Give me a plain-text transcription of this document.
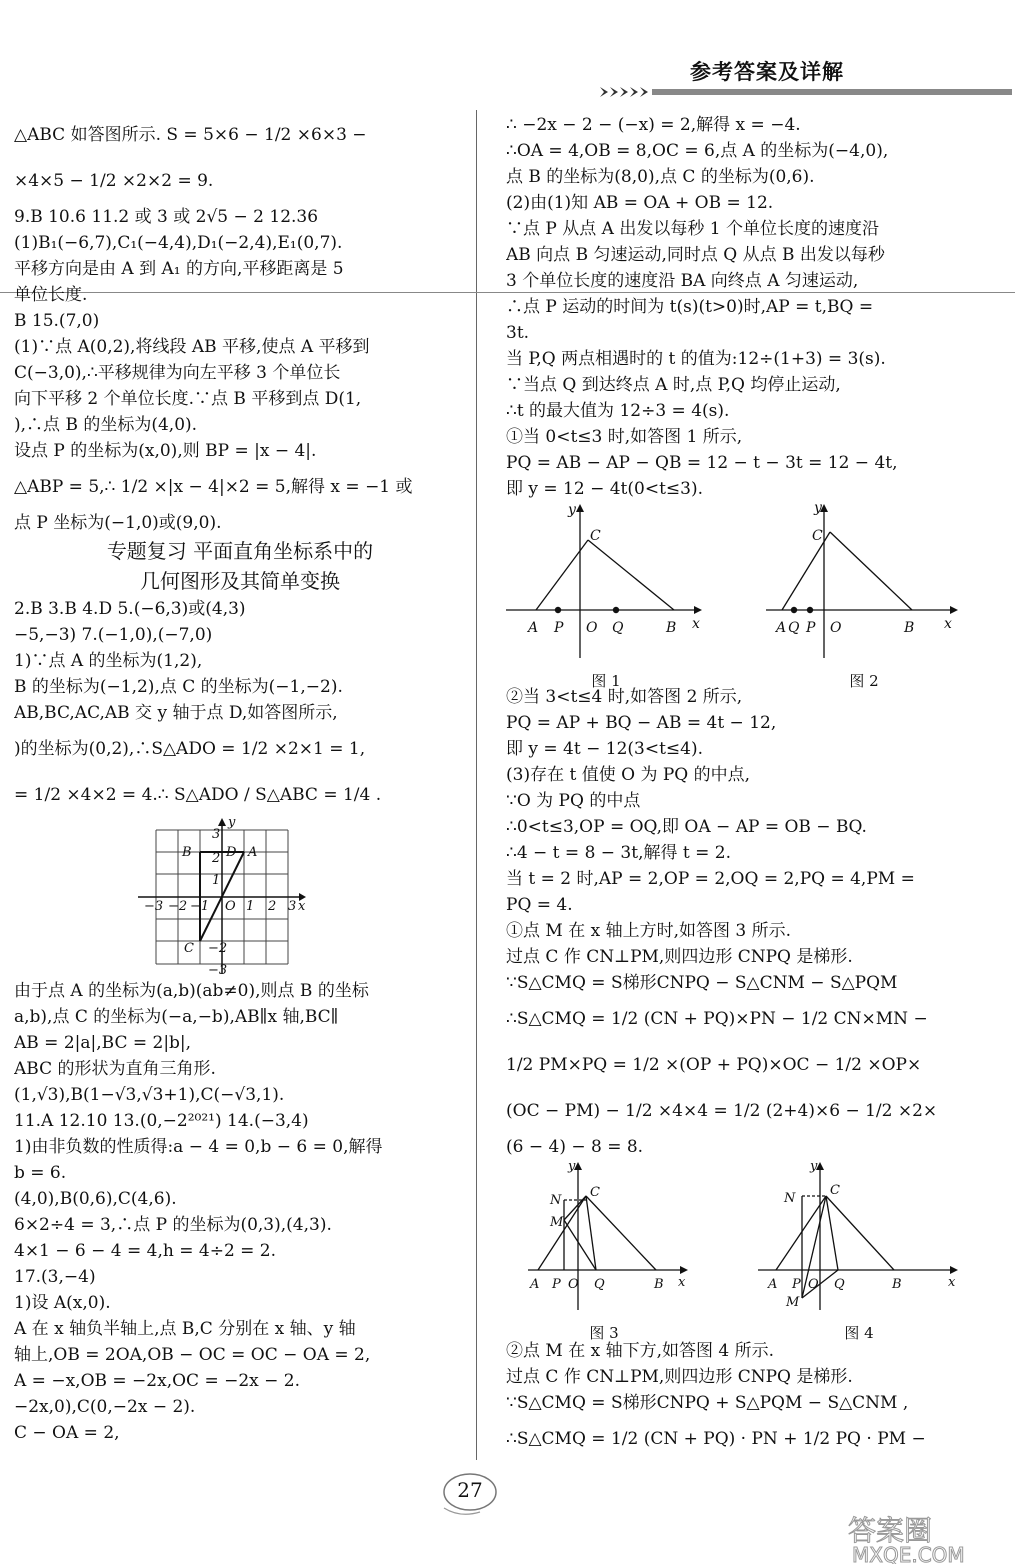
参考答案及详解
△ABC 如答图所示. S = 5×6 − 1/2 ×6×3 −
×4×5 − 1/2 ×2×2 = 9.
9.B 10.6 11.2 或 3 或 2√5 − 2 12.36
(1)B₁(−6,7),C₁(−4,4),D₁(−2,4),E₁(0,7).
平移方向是由 A 到 A₁ 的方向,平移距离是 5
单位长度.
B 15.(7,0)
(1)∵点 A(0,2),将线段 AB 平移,使点 A 平移到
C(−3,0),∴平移规律为向左平移 3 个单位长
向下平移 2 个单位长度.∵点 B 平移到点 D(1,
),∴点 B 的坐标为(4,0).
设点 P 的坐标为(x,0),则 BP = |x − 4|.
△ABP = 5,∴ 1/2 ×|x − 4|×2 = 5,解得 x = −1 或
点 P 坐标为(−1,0)或(9,0).
专题复习 平面直角坐标系中的
几何图形及其简单变换
2.B 3.B 4.D 5.(−6,3)或(4,3)
−5,−3) 7.(−1,0),(−7,0)
1)∵点 A 的坐标为(1,2),
B 的坐标为(−1,2),点 C 的坐标为(−1,−2).
AB,BC,AC,AB 交 y 轴于点 D,如答图所示,
)的坐标为(0,2),∴S△ADO = 1/2 ×2×1 = 1,
= 1/2 ×4×2 = 4.∴ S△ADO / S△ABC = 1/4 .
y
B	D A
3
2
1
O
C
x
−3 −2 −1	1 2 3
−2
−3
由于点 A 的坐标为(a,b)(ab≠0),则点 B 的坐标
a,b),点 C 的坐标为(−a,−b),AB∥x 轴,BC∥
AB = 2|a|,BC = 2|b|,
ABC 的形状为直角三角形.
(1,√3),B(1−√3,√3+1),C(−√3,1).
11.A 12.10 13.(0,−2²⁰²¹) 14.(−3,4)
1)由非负数的性质得:a − 4 = 0,b − 6 = 0,解得
b = 6.
(4,0),B(0,6),C(4,6).
6×2÷4 = 3,∴点 P 的坐标为(0,3),(4,3).
4×1 − 6 − 4 = 4,h = 4÷2 = 2.
17.(3,−4)
1)设 A(x,0).
A 在 x 轴负半轴上,点 B,C 分别在 x 轴、y 轴
轴上,OB = 2OA,OB − OC = OC − OA = 2,
A = −x,OB = −2x,OC = −2x − 2.
−2x,0),C(0,−2x − 2).
C − OA = 2,
∴ −2x − 2 − (−x) = 2,解得 x = −4.
∴OA = 4,OB = 8,OC = 6,点 A 的坐标为(−4,0),
点 B 的坐标为(8,0),点 C 的坐标为(0,6).
(2)由(1)知 AB = OA + OB = 12.
∵点 P 从点 A 出发以每秒 1 个单位长度的速度沿
AB 向点 B 匀速运动,同时点 Q 从点 B 出发以每秒
3 个单位长度的速度沿 BA 向终点 A 匀速运动,
∴点 P 运动的时间为 t(s)(t>0)时,AP = t,BQ =
3t.
当 P,Q 两点相遇时的 t 的值为:12÷(1+3) = 3(s).
∵当点 Q 到达终点 A 时,点 P,Q 均停止运动,
∴t 的最大值为 12÷3 = 4(s).
①当 0<t≤3 时,如答图 1 所示,
PQ = AB − AP − QB = 12 − t − 3t = 12 − 4t,
即 y = 12 − 4t(0<t≤3).
y
C
A P O Q	B x
图 1
y
C
A Q P O	B x
图 2
②当 3<t≤4 时,如答图 2 所示,
PQ = AP + BQ − AB = 4t − 12,
即 y = 4t − 12(3<t≤4).
(3)存在 t 值使 O 为 PQ 的中点,
∵O 为 PQ 的中点
∴0<t≤3,OP = OQ,即 OA − AP = OB − BQ.
∴4 − t = 8 − 3t,解得 t = 2.
当 t = 2 时,AP = 2,OP = 2,OQ = 2,PQ = 4,PM =
PQ = 4.
①点 M 在 x 轴上方时,如答图 3 所示.
过点 C 作 CN⊥PM,则四边形 CNPQ 是梯形.
∵S△CMQ = S梯形CNPQ − S△CNM − S△PQM
∴S△CMQ = 1/2 (CN + PQ)×PN − 1/2 CN×MN −
1/2 PM×PQ = 1/2 ×(OP + PQ)×OC − 1/2 ×OP×
(OC − PM) − 1/2 ×4×4 = 1/2 (2+4)×6 − 1/2 ×2×
(6 − 4) − 8 = 8.
y
N
C
M
A P O Q	B x
图 3
y
N
C
A P O Q
M
B	x
图 4
②点 M 在 x 轴下方,如答图 4 所示.
过点 C 作 CN⊥PM,则四边形 CNPQ 是梯形.
∵S△CMQ = S梯形CNPQ + S△PQM − S△CNM ,
∴S△CMQ = 1/2 (CN + PQ) · PN + 1/2 PQ · PM −
27
答案圈
MXQE.COM
